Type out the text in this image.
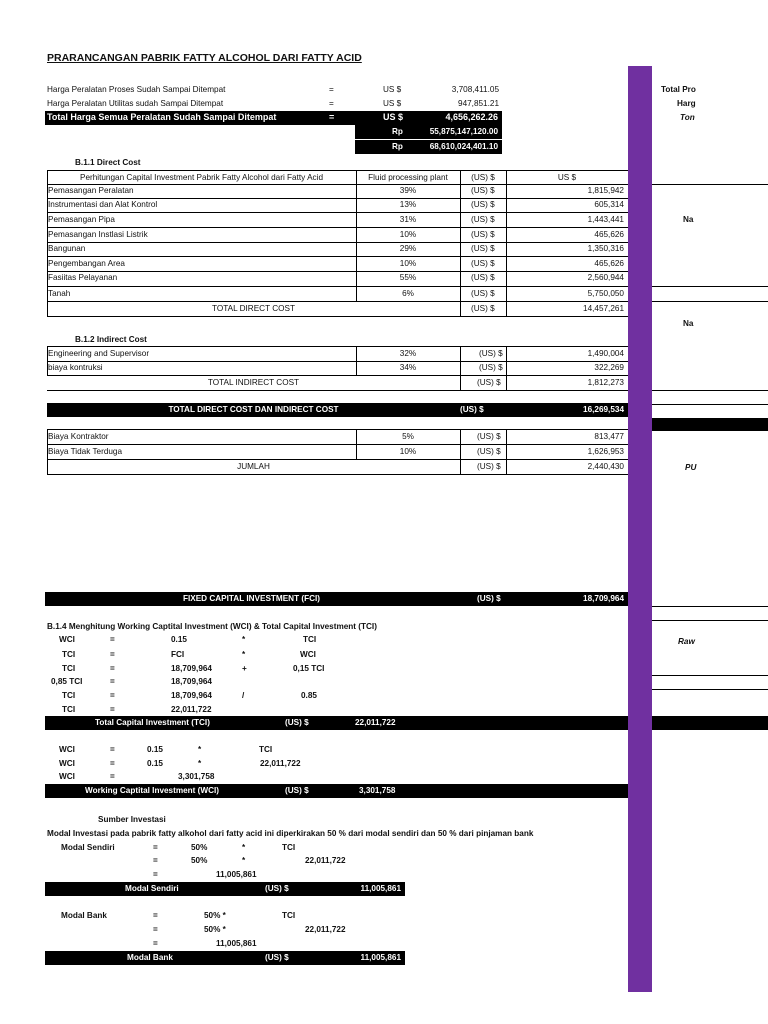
PRARANCANGAN PABRIK FATTY ALCOHOL DARI FATTY ACID
Harga Peralatan Proses Sudah Sampai Ditempat	=	US $	3,708,411.05
Harga Peralatan Utilitas sudah Sampai Ditempat	=	US $	947,851.21
Total Harga Semua Peralatan Sudah Sampai Ditempat	=	US $	4,656,262.26
Rp	55,875,147,120.00
Rp	68,610,024,401.10
B.1.1 Direct Cost
Perhitungan Capital Investment Pabrik Fatty Alcohol dari Fatty Acid	Fluid processing plant	(US) $	US $
Pemasangan Peralatan	39%	(US) $	1,815,942
Instrumentasi dan Alat Kontrol	13%	(US) $	605,314
Pemasangan Pipa	31%	(US) $	1,443,441
Pemasangan Instlasi Listrik	10%	(US) $	465,626
Bangunan	29%	(US) $	1,350,316
Pengembangan Area	10%	(US) $	465,626
Fasiitas Pelayanan	55%	(US) $	2,560,944
Tanah	6%	(US) $	5,750,050
TOTAL DIRECT COST	(US) $	14,457,261
B.1.2 Indirect Cost
Engineering and Supervisor	32%	(US) $	1,490,004
biaya kontruksi	34%	(US) $	322,269
TOTAL INDIRECT COST	(US) $	1,812,273
TOTAL DIRECT COST DAN INDIRECT COST	(US) $	16,269,534
Biaya Kontraktor	5%	(US) $	813,477
Biaya Tidak Terduga	10%	(US) $	1,626,953
JUMLAH	(US) $	2,440,430
Total Pro
Harg
Ton
Na
Na
PU
Raw
FIXED CAPITAL INVESTMENT (FCI)	(US) $	18,709,964
B.1.4 Menghitung Working Captital Investment (WCI) & Total Capital Investment (TCI)
WCI	=	0.15	*	TCI
TCI	=	FCI	*	WCI
TCI	=	18,709,964	+	0,15 TCI
0,85 TCI	=	18,709,964
TCI	=	18,709,964	/	0.85
TCI	=	22,011,722
Total Capital Investment (TCI)	(US) $	22,011,722
WCI	=	0.15	*	TCI
WCI	=	0.15	*	22,011,722
WCI	=	3,301,758
Working Captital Investment (WCI)	(US) $	3,301,758
Sumber Investasi
Modal Investasi pada pabrik fatty alkohol dari fatty acid ini diperkirakan 50 % dari modal sendiri dan 50 % dari pinjaman bank
Modal Sendiri	=	50%	*	TCI
=	50%	*	22,011,722
=	11,005,861
Modal Sendiri	(US) $	11,005,861
Modal Bank	=	50% *	TCI
=	50% *	22,011,722
=	11,005,861
Modal Bank	(US) $	11,005,861
